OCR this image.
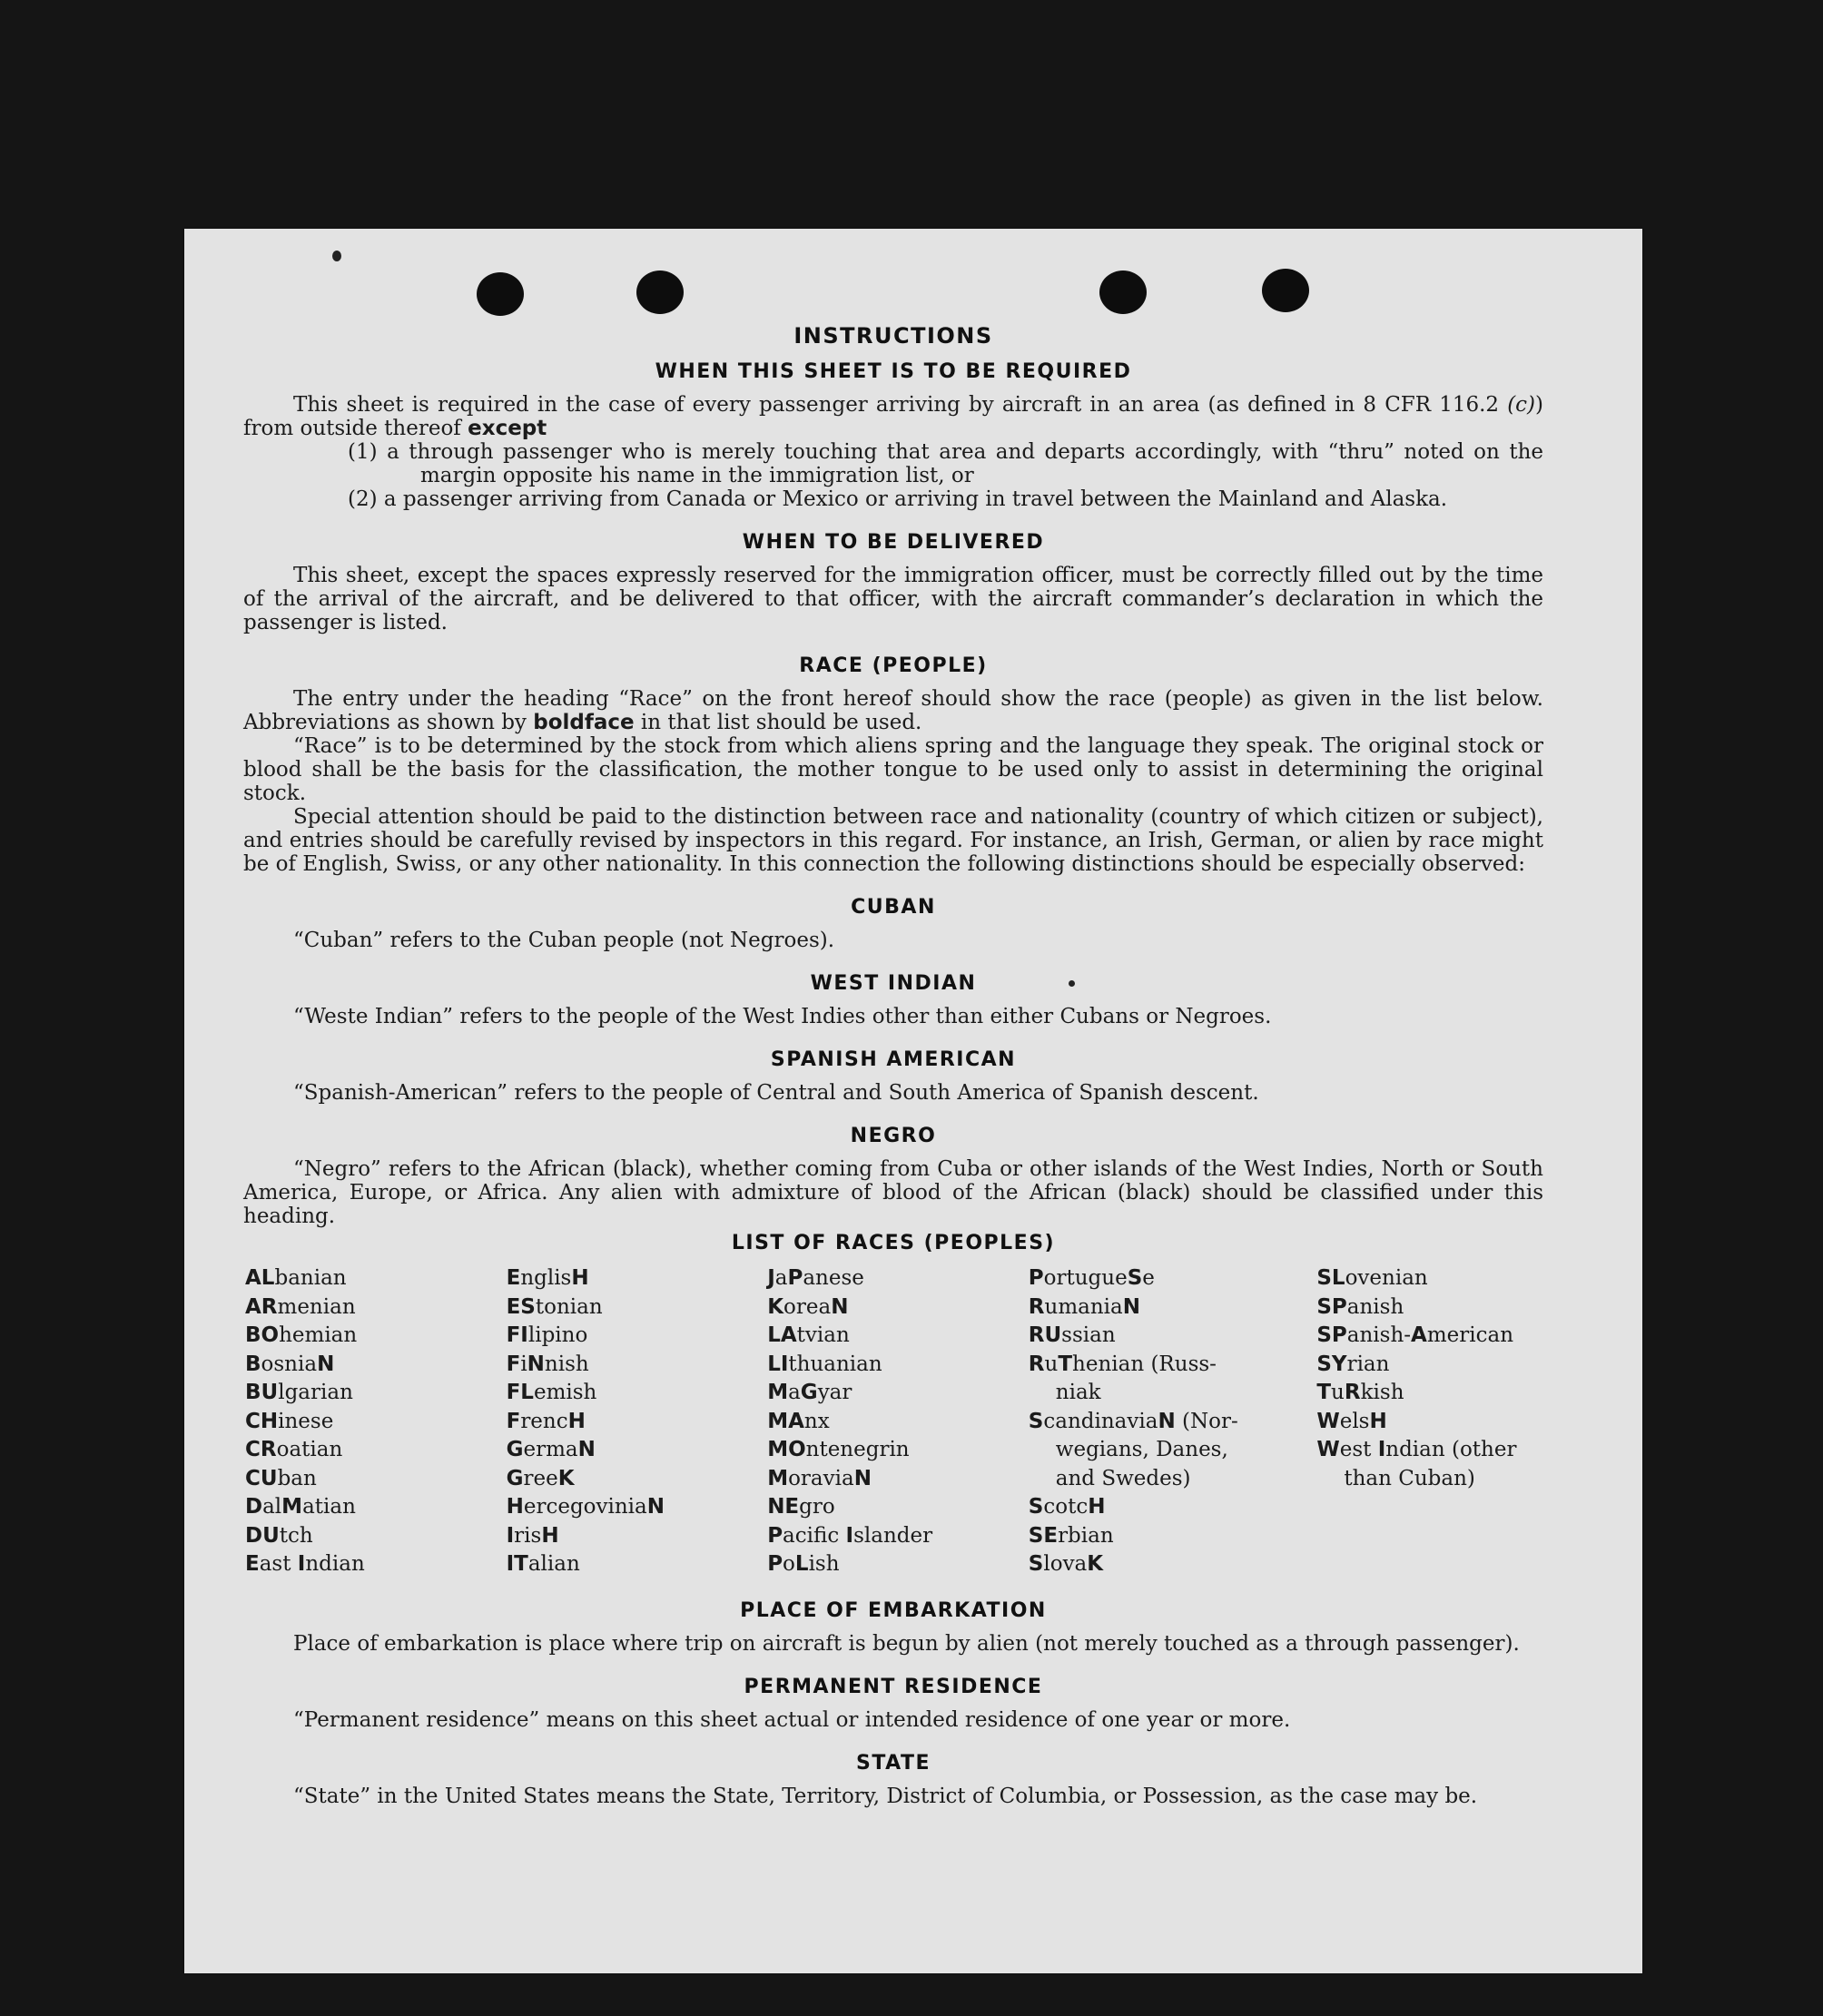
INSTRUCTIONS
WHEN THIS SHEET IS TO BE REQUIRED

This sheet is required in the case of every passenger arriving by aircraft in an area (as defined in 8 CFR 116.2 (c)) from outside thereof except

(1) a through passenger who is merely touching that area and departs accordingly, with “thru” noted on the margin opposite his name in the immigration list, or

(2) a passenger arriving from Canada or Mexico or arriving in travel between the Mainland and Alaska.

WHEN TO BE DELIVERED

This sheet, except the spaces expressly reserved for the immigration officer, must be correctly filled out by the time of the arrival of the aircraft, and be delivered to that officer, with the aircraft commander’s declaration in which the passenger is listed.

RACE (PEOPLE)

The entry under the heading “Race” on the front hereof should show the race (people) as given in the list below. Abbreviations as shown by boldface in that list should be used.

“Race” is to be determined by the stock from which aliens spring and the language they speak. The original stock or blood shall be the basis for the classification, the mother tongue to be used only to assist in determining the original stock.

Special attention should be paid to the distinction between race and nationality (country of which citizen or subject), and entries should be carefully revised by inspectors in this regard. For instance, an Irish, German, or alien by race might be of English, Swiss, or any other nationality. In this connection the following distinctions should be especially observed:

CUBAN

“Cuban” refers to the Cuban people (not Negroes).

WEST INDIAN

“Weste Indian” refers to the people of the West Indies other than either Cubans or Negroes.

SPANISH AMERICAN

“Spanish-American” refers to the people of Central and South America of Spanish descent.

NEGRO

“Negro” refers to the African (black), whether coming from Cuba or other islands of the West Indies, North or South America, Europe, or Africa. Any alien with admixture of blood of the African (black) should be classified under this heading.

LIST OF RACES (PEOPLES)
ALbanian
ARmenian
BOhemian
BosniaN
BUlgarian
CHinese
CRoatian
CUban
DalMatian
DUtch
East Indian
EnglisH
EStonian
FIlipino
FiNnish
FLemish
FrencH
GermaN
GreeK
HercegoviniaN
IrisH
ITalian
JaPanese
KoreaN
LAtvian
LIthuanian
MaGyar
MAnx
MOntenegrin
MoraviaN
NEgro
Pacific Islander
PoLish
PortugueSe
RumaniaN
RUssian
RuThenian (Russ-
niak
ScandinaviaN (Nor-
wegians, Danes,
and Swedes)
ScotcH
SErbian
SlovaK
SLovenian
SPanish
SPanish-American
SYrian
TuRkish
WelsH
West Indian (other
than Cuban)
PLACE OF EMBARKATION

Place of embarkation is place where trip on aircraft is begun by alien (not merely touched as a through passenger).

PERMANENT RESIDENCE

“Permanent residence” means on this sheet actual or intended residence of one year or more.

STATE

“State” in the United States means the State, Territory, District of Columbia, or Possession, as the case may be.
